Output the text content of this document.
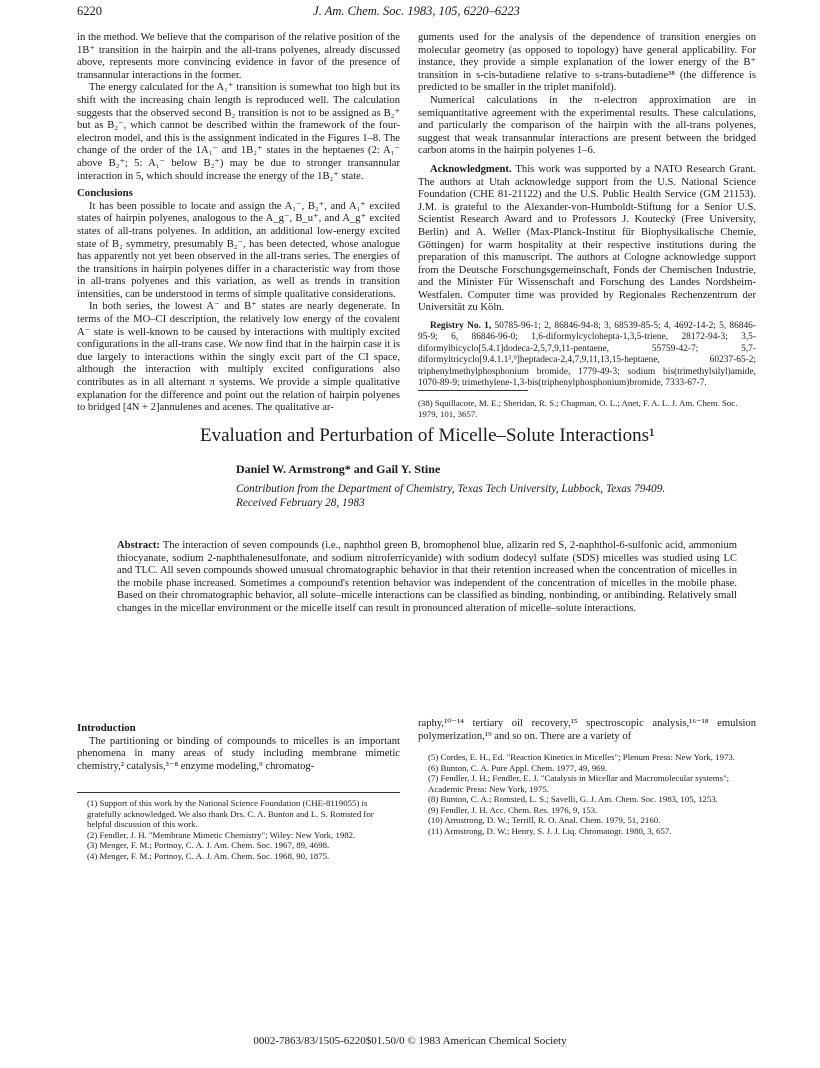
6220	J. Am. Chem. Soc. 1983, 105, 6220–6223

in the method. We believe that the comparison of the relative position of the 1B⁺ transition in the hairpin and the all-trans polyenes, already discussed above, represents more convincing evidence in favor of the presence of transannular interactions in the former.

The energy calculated for the A₁⁺ transition is somewhat too high but its shift with the increasing chain length is reproduced well. The calculation suggests that the observed second B₂ transition is not to be assigned as B₂⁺ but as B₂⁻, which cannot be described within the framework of the four-electron model, and this is the assignment indicated in the Figures 1–8. The change of the order of the 1A₁⁻ and 1B₂⁺ states in the heptaenes (2: A₁⁻ above B₂⁺; 5: A₁⁻ below B₂⁺) may be due to stronger transannular interaction in 5, which should increase the energy of the 1B₂⁺ state.

Conclusions

It has been possible to locate and assign the A₁⁻, B₂⁺, and A₁⁺ excited states of hairpin polyenes, analogous to the A_g⁻, B_u⁺, and A_g⁺ excited states of all-trans polyenes. In addition, an additional low-energy excited state of B₂ symmetry, presumably B₂⁻, has been detected, whose analogue has apparently not yet been observed in the all-trans series. The energies of the transitions in hairpin polyenes differ in a characteristic way from those in all-trans polyenes and this variation, as well as trends in transition intensities, can be understood in terms of simple qualitative considerations.

In both series, the lowest A⁻ and B⁺ states are nearly degenerate. In terms of the MO–CI description, the relatively low energy of the covalent A⁻ state is well-known to be caused by interactions with multiply excited configurations in the all-trans case. We now find that in the hairpin case it is due largely to interactions within the singly excit part of the CI space, although the interaction with multiply excited configurations also contributes as in all alternant π systems. We provide a simple qualitative explanation for the difference and point out the relation of hairpin polyenes to bridged [4N + 2]annulenes and acenes. The qualitative ar-

guments used for the analysis of the dependence of transition energies on molecular geometry (as opposed to topology) have general applicability. For instance, they provide a simple explanation of the lower energy of the B⁺ transition in s-cis-butadiene relative to s-trans-butadiene³⁸ (the difference is predicted to be smaller in the triplet manifold).

Numerical calculations in the π-electron approximation are in semiquantitative agreement with the experimental results. These calculations, and particularly the comparison of the hairpin with the all-trans polyenes, suggest that weak transannular interactions are present between the bridged carbon atoms in the hairpin polyenes 1–6.

Acknowledgment. This work was supported by a NATO Research Grant. The authors at Utah acknowledge support from the U.S. National Science Foundation (CHE 81-21122) and the U.S. Public Health Service (GM 21153). J.M. is grateful to the Alexander-von-Humboldt-Stiftung for a Senior U.S. Scientist Research Award and to Professors J. Koutecký (Free University, Berlin) and A. Weller (Max-Planck-Institut für Biophysikalische Chemie, Göttingen) for warm hospitality at their respective institutions during the preparation of this manuscript. The authors at Cologne acknowledge support from the Deutsche Forschungsgemeinschaft, Fonds der Chemischen Industrie, and the Minister Für Wissenschaft and Forschung des Landes Nordsheim-Westfalen. Computer time was provided by Regionales Rechenzentrum der Universität zu Köln.

Registry No. 1, 50785-96-1; 2, 86846-94-8; 3, 68539-85-5; 4, 4692-14-2; 5, 86846-95-9; 6, 86846-96-0; 1,6-diformylcyclohepta-1,3,5-triene, 28172-94-3; 3,5-diformylbicyclo[5.4.1]dodeca-2,5,7,9,11-pentaene, 55759-42-7; 5,7-diformyltricyclo[9.4.1.1³,⁹]heptadeca-2,4,7,9,11,13,15-heptaene, 60237-65-2; triphenylmethylphosphonium bromide, 1779-49-3; sodium bis(trimethylsilyl)amide, 1070-89-9; trimethylene-1,3-bis(triphenylphosphonium)bromide, 7333-67-7.

(38) Squillacote, M. E.; Sheridan, R. S.; Chapman, O. L.; Anet, F. A. L. J. Am. Chem. Soc. 1979, 101, 3657.
Evaluation and Perturbation of Micelle–Solute Interactions¹
Daniel W. Armstrong* and Gail Y. Stine
Contribution from the Department of Chemistry, Texas Tech University, Lubbock, Texas 79409. Received February 28, 1983
Abstract: The interaction of seven compounds (i.e., naphthol green B, bromophenol blue, alizarin red S, 2-naphthol-6-sulfonic acid, ammonium thiocyanate, sodium 2-naphthalenesulfonate, and sodium nitroferricyanide) with sodium dodecyl sulfate (SDS) micelles was studied using LC and TLC. All seven compounds showed unusual chromatographic behavior in that their retention increased when the concentration of micelles in the mobile phase increased. Sometimes a compound's retention behavior was independent of the concentration of micelles in the mobile phase. Based on their chromatographic behavior, all solute–micelle interactions can be classified as binding, nonbinding, or antibinding. Relatively small changes in the micellar environment or the micelle itself can result in pronounced alteration of micelle–solute interactions.
Introduction

The partitioning or binding of compounds to micelles is an important phenomena in many areas of study including membrane mimetic chemistry,² catalysis,³⁻⁸ enzyme modeling,⁹ chromatog-

raphy,¹⁰⁻¹⁴ tertiary oil recovery,¹⁵ spectroscopic analysis,¹⁶⁻¹⁸ emulsion polymerization,¹⁹ and so on. There are a variety of

(1) Support of this work by the National Science Foundation (CHE-8119055) is gratefully acknowledged. We also thank Drs. C. A. Bunton and L. S. Romsted for helpful discussion of this work.
(2) Fendler, J. H. "Membrane Mimetic Chemistry"; Wiley: New York, 1982.
(3) Menger, F. M.; Portnoy, C. A. J. Am. Chem. Soc. 1967, 89, 4698.
(4) Menger, F. M.; Portnoy, C. A. J. Am. Chem. Soc. 1968, 90, 1875.
(5) Cordes, E. H., Ed. "Reaction Kinetics in Micelles"; Plenum Press: New York, 1973.
(6) Bunton, C. A. Pure Appl. Chem. 1977, 49, 969.
(7) Fendler, J. H.; Fendler, E. J. "Catalysis in Micellar and Macromolecular systems"; Academic Press: New York, 1975.
(8) Bunton, C. A.; Romsted, L. S.; Savelli, G. J. Am. Chem. Soc. 1983, 105, 1253.
(9) Fendler, J. H. Acc. Chem. Res. 1976, 9, 153.
(10) Armstrong, D. W.; Terrill, R. O. Anal. Chem. 1979, 51, 2160.
(11) Armstrong, D. W.; Henry, S. J. J. Liq. Chromatogr. 1980, 3, 657.
0002-7863/83/1505-6220$01.50/0 © 1983 American Chemical Society
